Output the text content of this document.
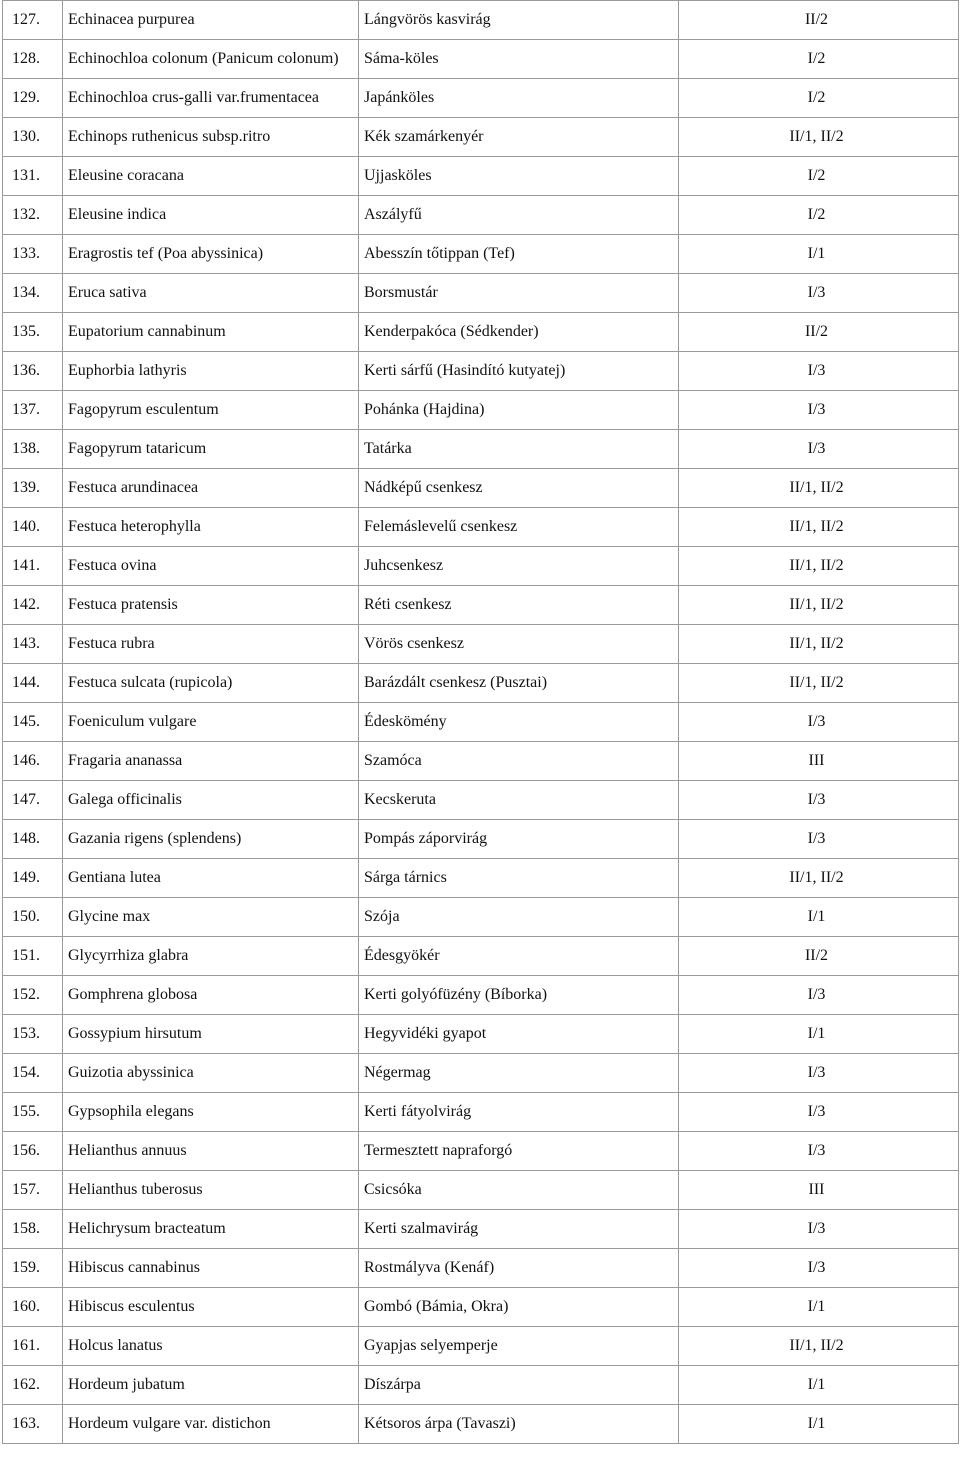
127.	Echinacea purpurea	Lángvörös kasvirág	II/2
128.	Echinochloa colonum (Panicum colonum)	Sáma-köles	I/2
129.	Echinochloa crus-galli var.frumentacea	Japánköles	I/2
130.	Echinops ruthenicus subsp.ritro	Kék szamárkenyér	II/1, II/2
131.	Eleusine coracana	Ujjasköles	I/2
132.	Eleusine indica	Aszályfű	I/2
133.	Eragrostis tef (Poa abyssinica)	Abesszín tőtippan (Tef)	I/1
134.	Eruca sativa	Borsmustár	I/3
135.	Eupatorium cannabinum	Kenderpakóca (Sédkender)	II/2
136.	Euphorbia lathyris	Kerti sárfű (Hasindító kutyatej)	I/3
137.	Fagopyrum esculentum	Pohánka (Hajdina)	I/3
138.	Fagopyrum tataricum	Tatárka	I/3
139.	Festuca arundinacea	Nádképű csenkesz	II/1, II/2
140.	Festuca heterophylla	Felemáslevelű csenkesz	II/1, II/2
141.	Festuca ovina	Juhcsenkesz	II/1, II/2
142.	Festuca pratensis	Réti csenkesz	II/1, II/2
143.	Festuca rubra	Vörös csenkesz	II/1, II/2
144.	Festuca sulcata (rupicola)	Barázdált csenkesz (Pusztai)	II/1, II/2
145.	Foeniculum vulgare	Édeskömény	I/3
146.	Fragaria ananassa	Szamóca	III
147.	Galega officinalis	Kecskeruta	I/3
148.	Gazania rigens (splendens)	Pompás záporvirág	I/3
149.	Gentiana lutea	Sárga tárnics	II/1, II/2
150.	Glycine max	Szója	I/1
151.	Glycyrrhiza glabra	Édesgyökér	II/2
152.	Gomphrena globosa	Kerti golyófüzény (Bíborka)	I/3
153.	Gossypium hirsutum	Hegyvidéki gyapot	I/1
154.	Guizotia abyssinica	Négermag	I/3
155.	Gypsophila elegans	Kerti fátyolvirág	I/3
156.	Helianthus annuus	Termesztett napraforgó	I/3
157.	Helianthus tuberosus	Csicsóka	III
158.	Helichrysum bracteatum	Kerti szalmavirág	I/3
159.	Hibiscus cannabinus	Rostmályva (Kenáf)	I/3
160.	Hibiscus esculentus	Gombó (Bámia, Okra)	I/1
161.	Holcus lanatus	Gyapjas selyemperje	II/1, II/2
162.	Hordeum jubatum	Díszárpa	I/1
163.	Hordeum vulgare var. distichon	Kétsoros árpa (Tavaszi)	I/1
